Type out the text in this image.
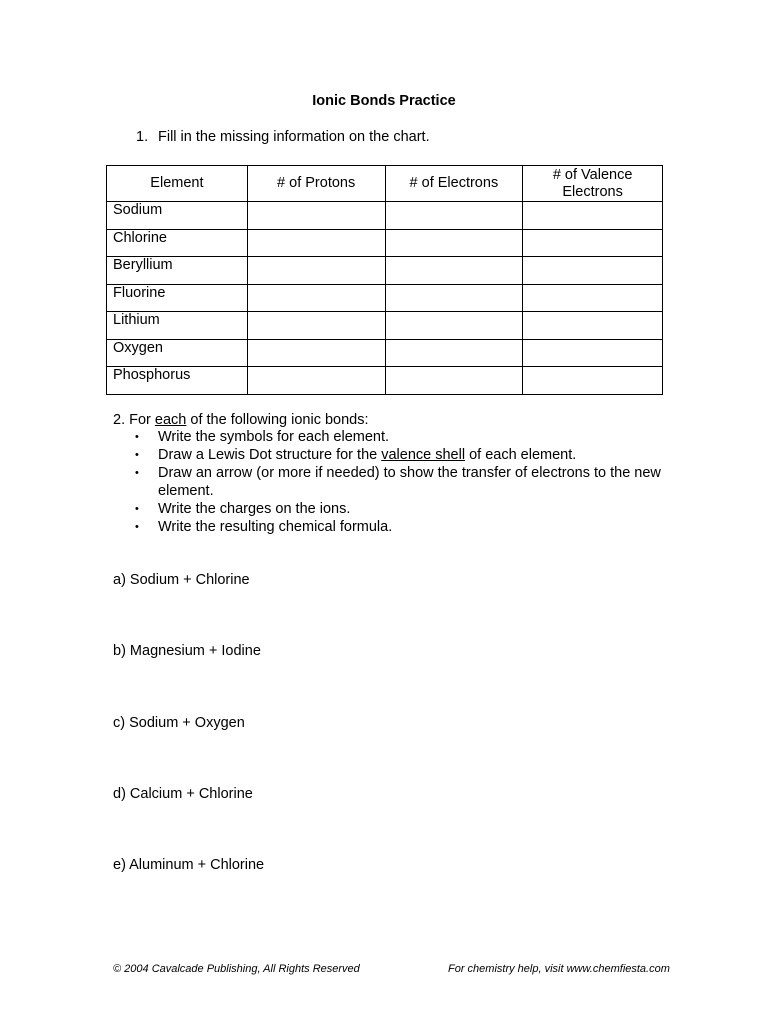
Ionic Bonds Practice
1. Fill in the missing information on the chart.
Element	# of Protons	# of Electrons	# of Valence Electrons
Sodium			
Chlorine			
Beryllium			
Fluorine			
Lithium			
Oxygen			
Phosphorus			
2. For each of the following ionic bonds:
• Write the symbols for each element.
• Draw a Lewis Dot structure for the valence shell of each element.
• Draw an arrow (or more if needed) to show the transfer of electrons to the new element.
• Write the charges on the ions.
• Write the resulting chemical formula.
a) Sodium + Chlorine
b) Magnesium + Iodine
c) Sodium + Oxygen
d) Calcium + Chlorine
e) Aluminum + Chlorine
© 2004 Cavalcade Publishing, All Rights Reserved	For chemistry help, visit www.chemfiesta.com
